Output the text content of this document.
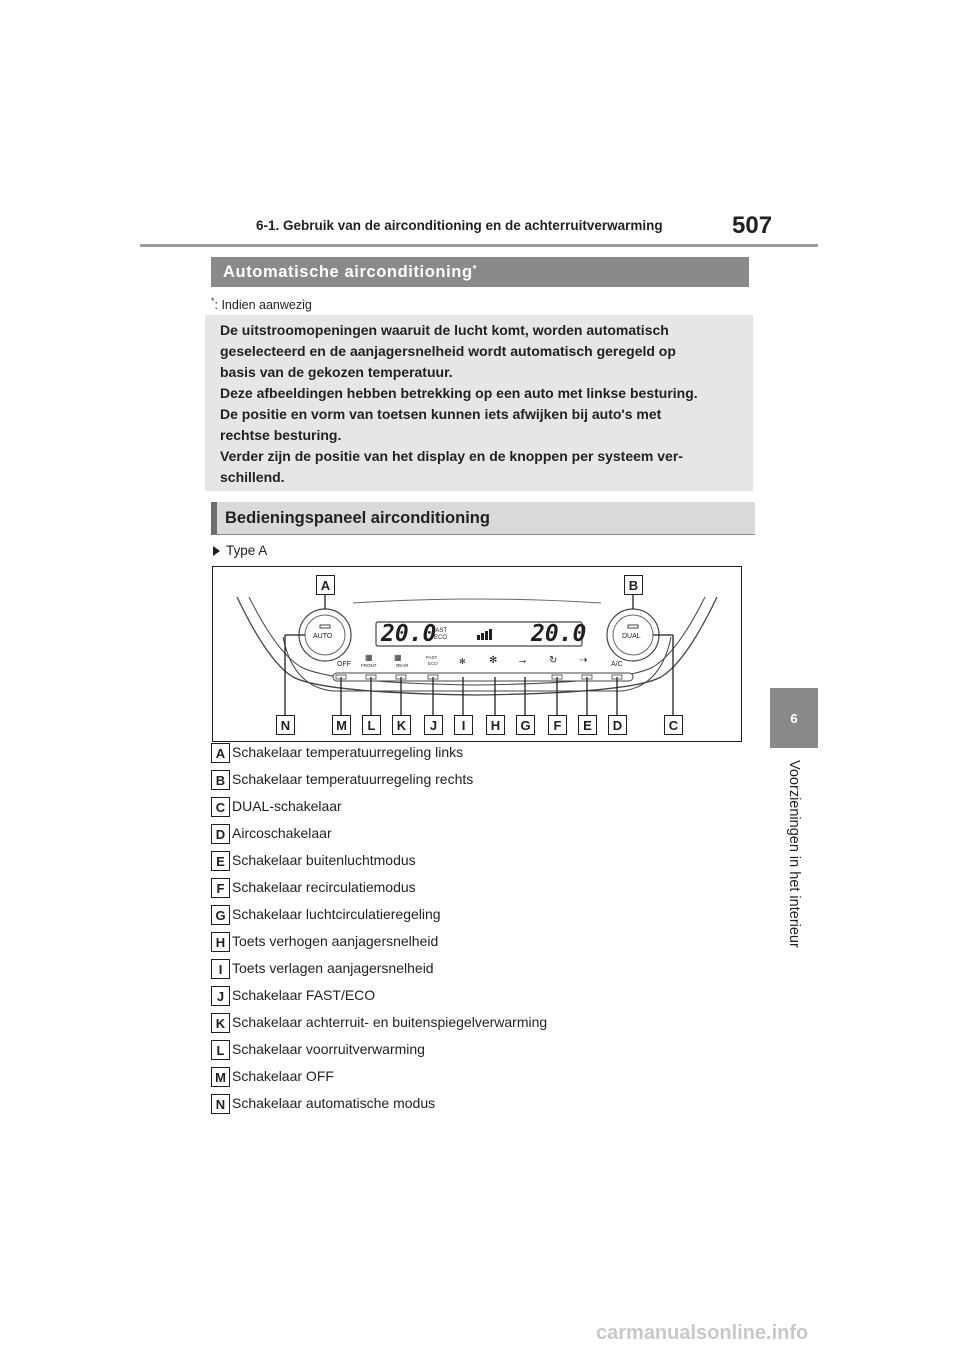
6-1. Gebruik van de airconditioning en de achterruitverwarming	507
6
Voorzieningen in het interieur
Automatische airconditioning*
*: Indien aanwezig

De uitstroomopeningen waaruit de lucht komt, worden automatisch

geselecteerd en de aanjagersnelheid wordt automatisch geregeld op

basis van de gekozen temperatuur.

Deze afbeeldingen hebben betrekking op een auto met linkse besturing.

De positie en vorm van toetsen kunnen iets afwijken bij auto's met

rechtse besturing.

Verder zijn de positie van het display en de knoppen per systeem ver-

schillend.

Bedieningspaneel airconditioning
Type A
AUTO	DUAL
20.0	20.0
FAST
ECO
OFF
▦
FRONT
▦
REAR
FAST
ECO	✻ ✻ ⭬ ↻ ⇢	A/C
A	B
N	M	L	K	J	I	H	G	F	E	D	C
A Schakelaar temperatuurregeling links
B Schakelaar temperatuurregeling rechts
C DUAL-schakelaar
D Aircoschakelaar
E Schakelaar buitenluchtmodus
F Schakelaar recirculatiemodus
G Schakelaar luchtcirculatieregeling
H Toets verhogen aanjagersnelheid
I Toets verlagen aanjagersnelheid
J Schakelaar FAST/ECO
K Schakelaar achterruit- en buitenspiegelverwarming
L Schakelaar voorruitverwarming
M Schakelaar OFF
N Schakelaar automatische modus
carmanualsonline.info
